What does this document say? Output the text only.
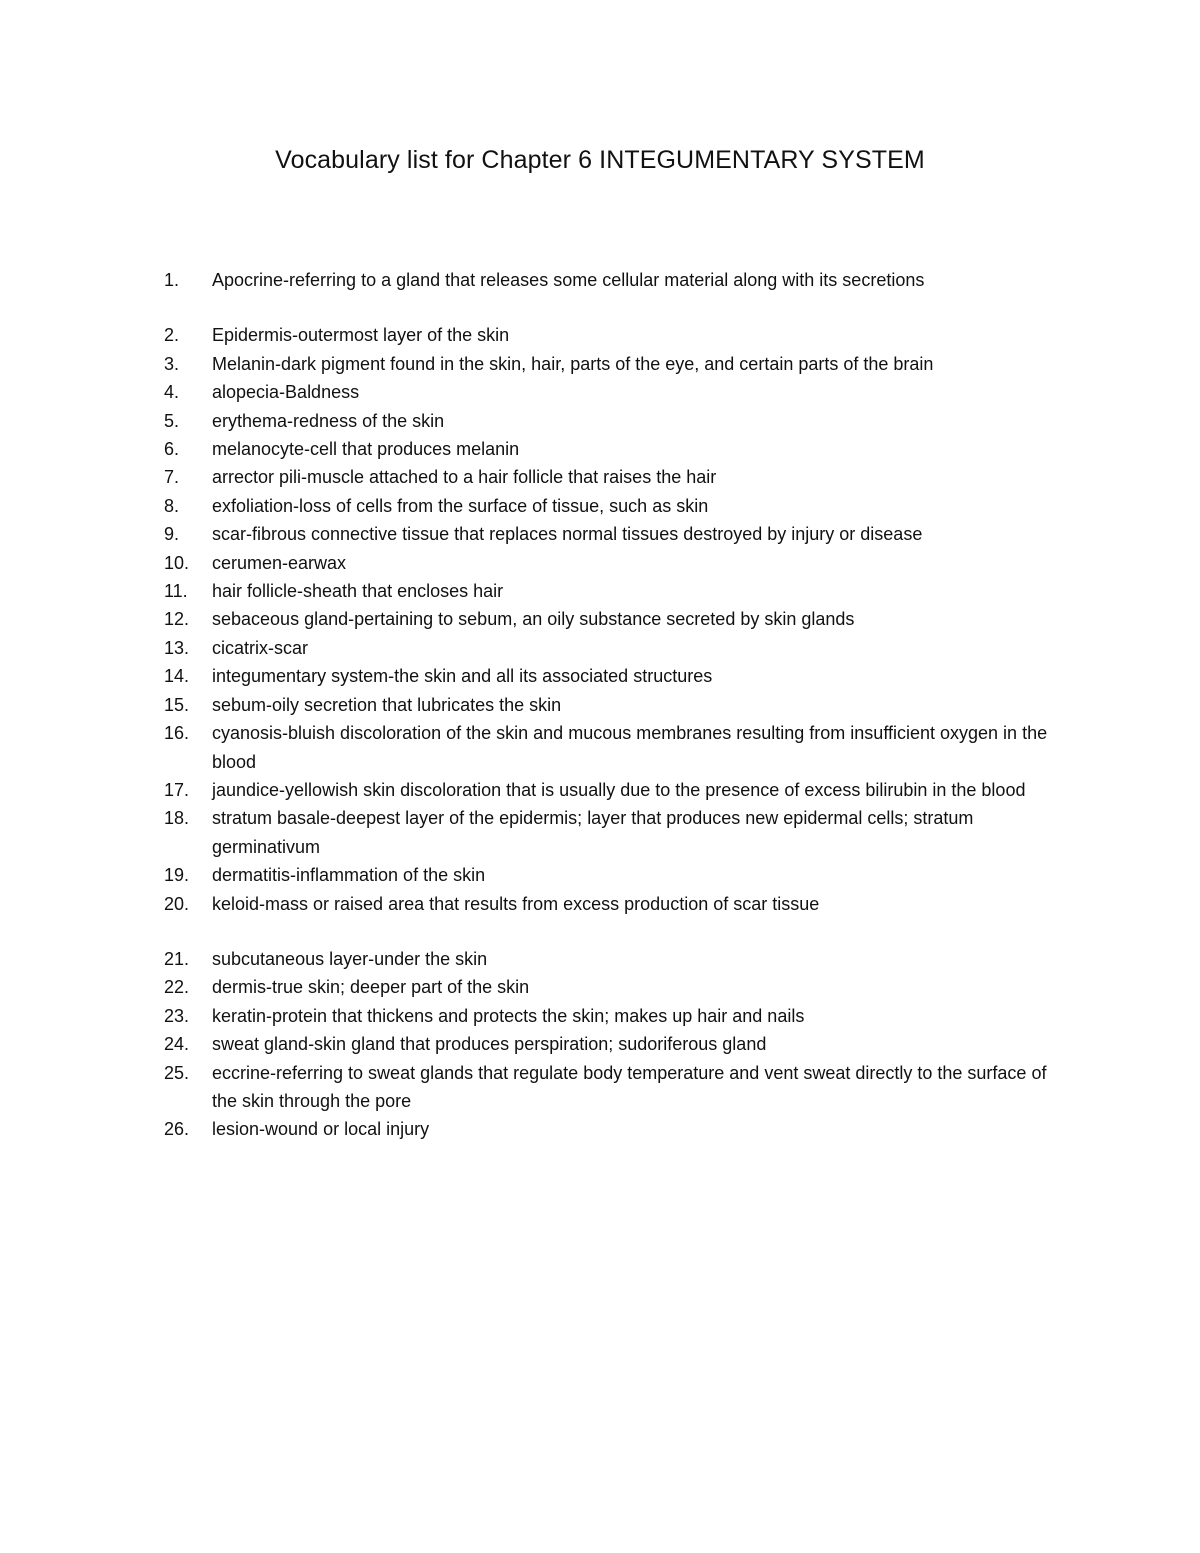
Vocabulary list for Chapter 6 INTEGUMENTARY SYSTEM
1.	Apocrine-referring to a gland that releases some cellular material along with its secretions
2.	Epidermis-outermost layer of the skin
3.	Melanin-dark pigment found in the skin, hair, parts of the eye, and certain parts of the brain
4.	alopecia-Baldness
5.	erythema-redness of the skin
6.	melanocyte-cell that produces melanin
7.	arrector pili-muscle attached to a hair follicle that raises the hair
8.	exfoliation-loss of cells from the surface of tissue, such as skin
9.	scar-fibrous connective tissue that replaces normal tissues destroyed by injury or disease
10.	cerumen-earwax
11.	hair follicle-sheath that encloses hair
12.	sebaceous gland-pertaining to sebum, an oily substance secreted by skin glands
13.	cicatrix-scar
14.	integumentary system-the skin and all its associated structures
15.	sebum-oily secretion that lubricates the skin
16.	cyanosis-bluish discoloration of the skin and mucous membranes resulting from insufficient oxygen in the blood
17.	jaundice-yellowish skin discoloration that is usually due to the presence of excess bilirubin in the blood
18.	stratum basale-deepest layer of the epidermis; layer that produces new epidermal cells; stratum germinativum
19.	dermatitis-inflammation of the skin
20.	keloid-mass or raised area that results from excess production of scar tissue
21.	subcutaneous layer-under the skin
22.	dermis-true skin; deeper part of the skin
23.	keratin-protein that thickens and protects the skin; makes up hair and nails
24.	sweat gland-skin gland that produces perspiration; sudoriferous gland
25.	eccrine-referring to sweat glands that regulate body temperature and vent sweat directly to the surface of the skin through the pore
26.	lesion-wound or local injury
